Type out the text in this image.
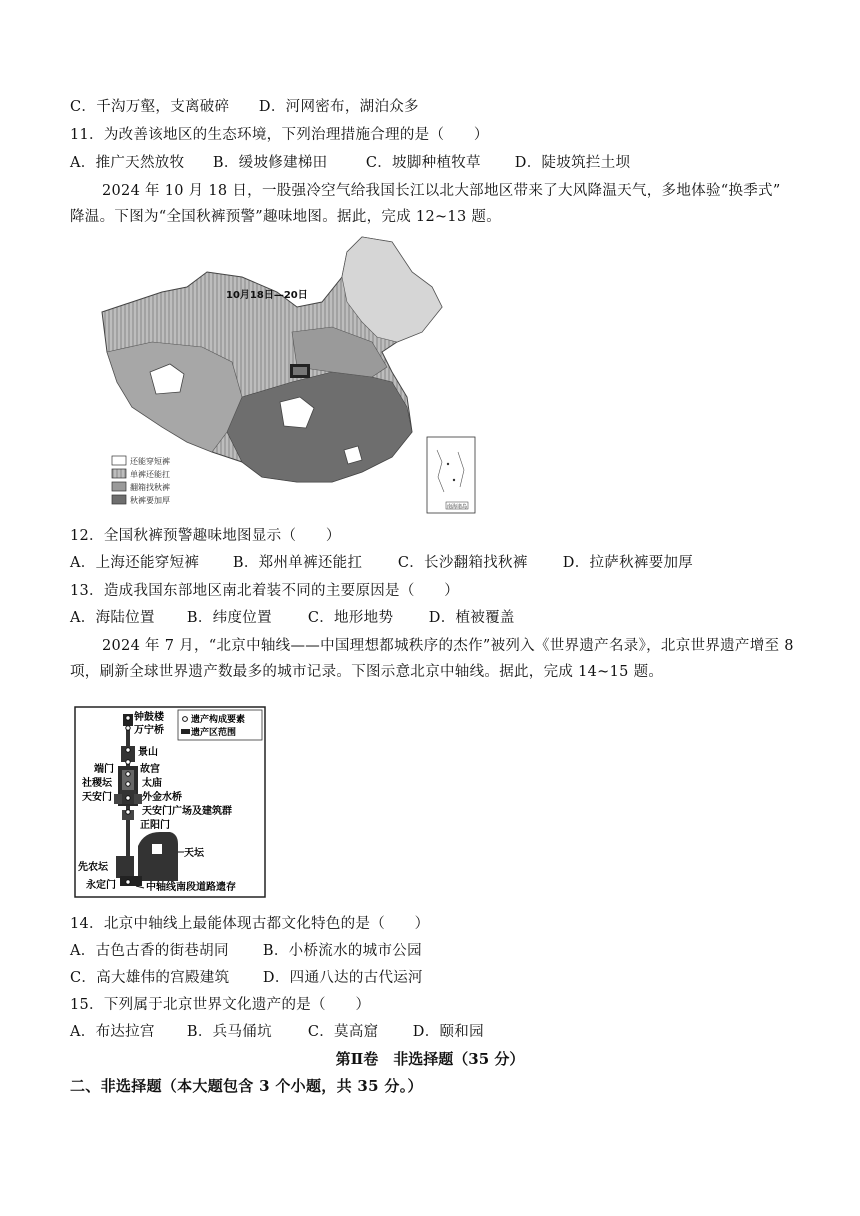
C．千沟万壑，支离破碎 D．河网密布，湖泊众多
11．为改善该地区的生态环境，下列治理措施合理的是（　　）
A．推广天然放牧 B．缓坡修建梯田	C．坡脚种植牧草 D．陡坡筑拦土坝
2024 年 10 月 18 日，一股强冷空气给我国长江以北大部地区带来了大风降温天气，多地体验“换季式”
降温。下图为“全国秋裤预警”趣味地图。据此，完成 12~13 题。
10月18日—20日
还能穿短裤
单裤还能扛
翻箱找秋裤
秋裤要加厚
南海诸岛
12．全国秋裤预警趣味地图显示（　　）
A．上海还能穿短裤 B．郑州单裤还能扛 C．长沙翻箱找秋裤 D．拉萨秋裤要加厚
13．造成我国东部地区南北着装不同的主要原因是（　　）
A．海陆位置 B．纬度位置 C．地形地势 D．植被覆盖
2024 年 7 月，“北京中轴线——中国理想都城秩序的杰作”被列入《世界遗产名录》，北京世界遗产增至 8
项，刷新全球世界遗产数最多的城市记录。下图示意北京中轴线。据此，完成 14~15 题。
遗产构成要素
遗产区范围
钟鼓楼
万宁桥
景山
端门	故宫
社稷坛	太庙
天安门	外金水桥
天安门广场及建筑群
正阳门
天坛
先农坛
永定门	中轴线南段道路遗存
14．北京中轴线上最能体现古都文化特色的是（　　）
A．古色古香的街巷胡同 B．小桥流水的城市公园
C．高大雄伟的宫殿建筑 D．四通八达的古代运河
15．下列属于北京世界文化遗产的是（　　）
A．布达拉宫 B．兵马俑坑 C．莫高窟 D．颐和园
第Ⅱ卷　非选择题（35 分）
二、非选择题（本大题包含 3 个小题，共 35 分。）
